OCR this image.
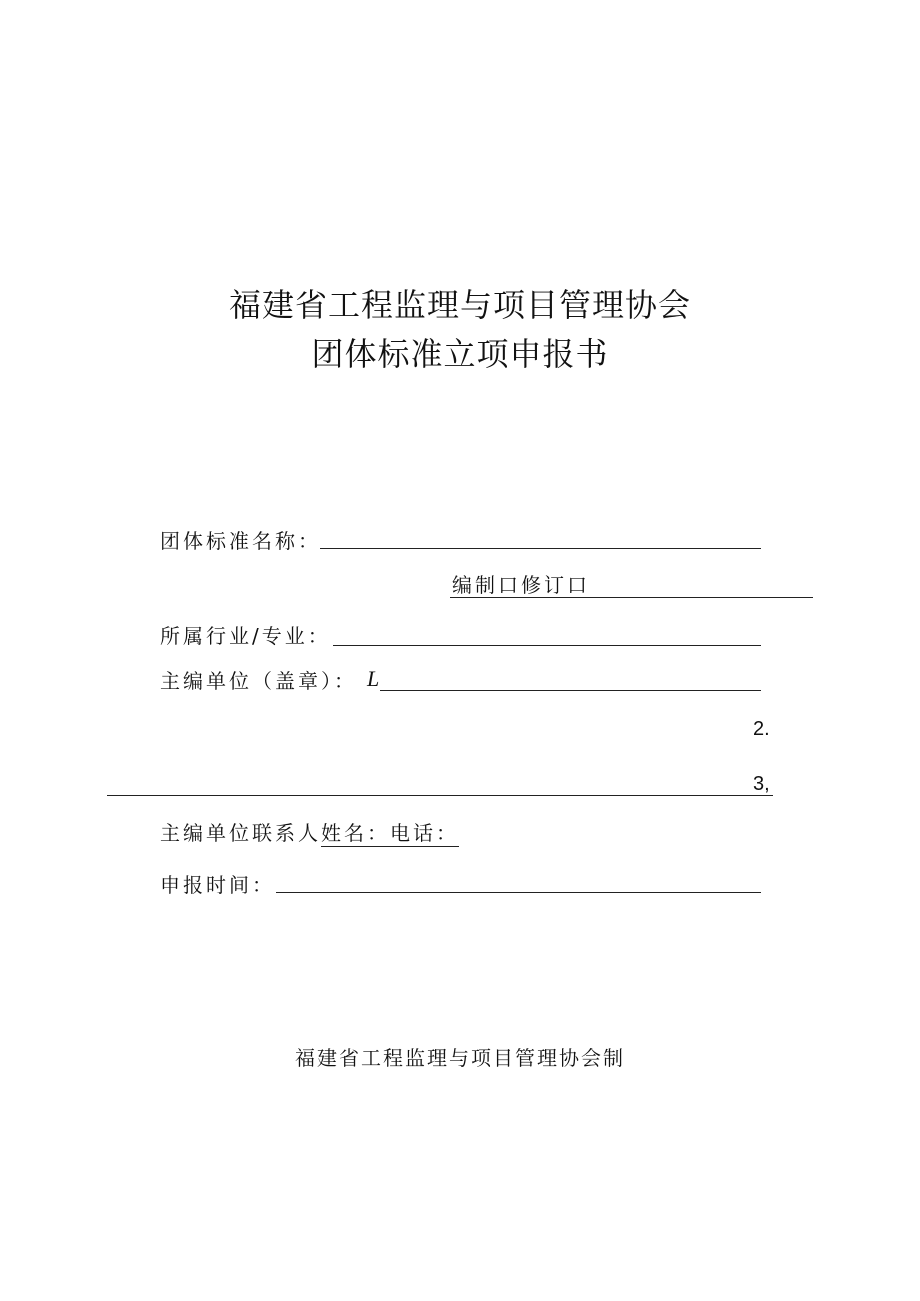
福建省工程监理与项目管理协会
团体标准立项申报书
团体标准名称：
编制口修订口
所属行业/专业：
主编单位（盖章）： L
2.
3,
主编单位联系人姓名：电话：
申报时间：
福建省工程监理与项目管理协会制
